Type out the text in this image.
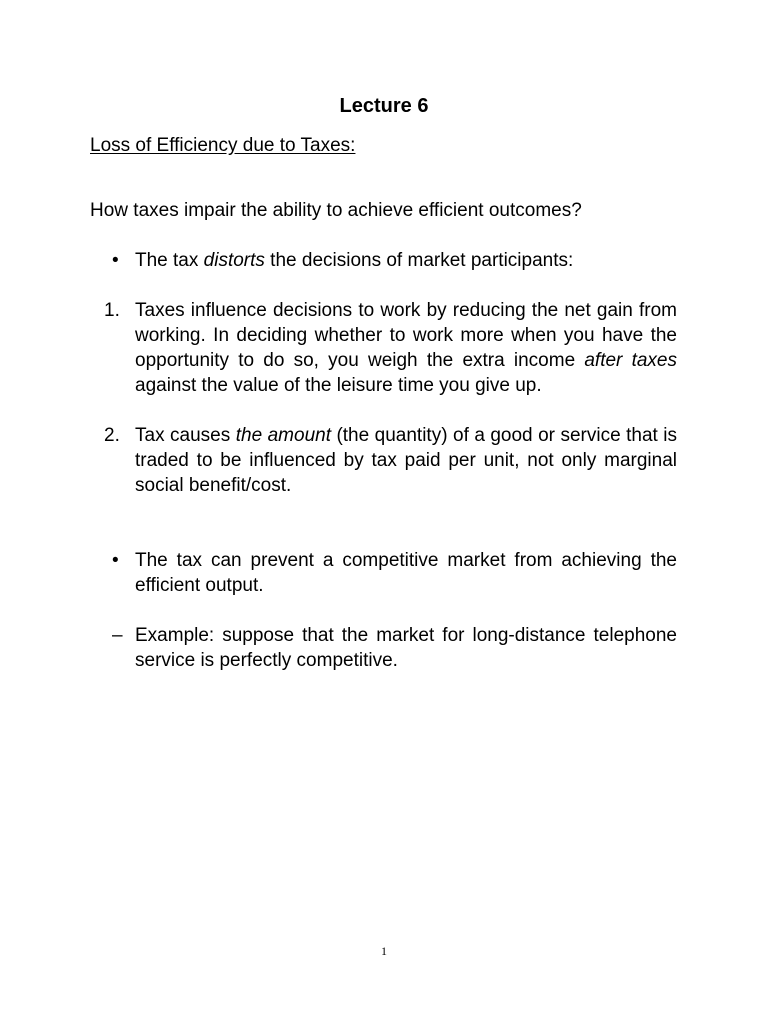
Lecture 6
Loss of Efficiency due to Taxes:
How taxes impair the ability to achieve efficient outcomes?
• The tax distorts the decisions of market participants:
1. Taxes influence decisions to work by reducing the net gain from working. In deciding whether to work more when you have the opportunity to do so, you weigh the extra income after taxes against the value of the leisure time you give up.
2. Tax causes the amount (the quantity) of a good or service that is traded to be influenced by tax paid per unit, not only marginal social benefit/cost.
• The tax can prevent a competitive market from achieving the efficient output.
– Example: suppose that the market for long-distance telephone service is perfectly competitive.
1
